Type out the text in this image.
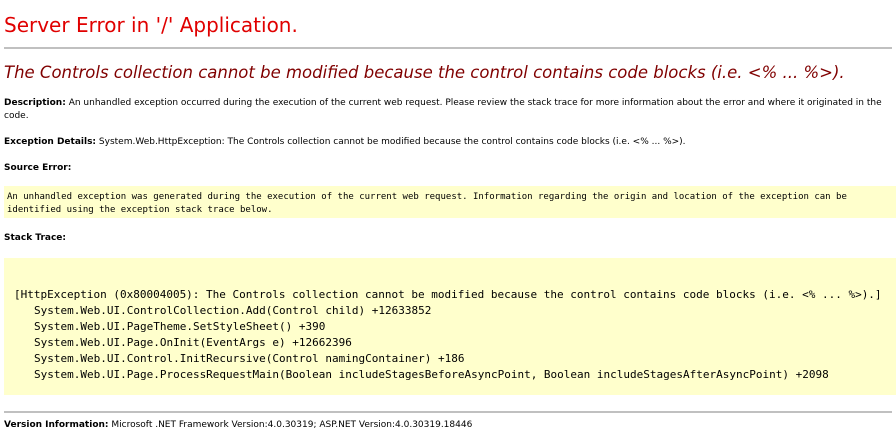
Server Error in '/' Application.
The Controls collection cannot be modified because the control contains code blocks (i.e. <% ... %>).

Description: An unhandled exception occurred during the execution of the current web request. Please review the stack trace for more information about the error and where it originated in the code.

Exception Details: System.Web.HttpException: The Controls collection cannot be modified because the control contains code blocks (i.e. <% ... %>).

Source Error:

An unhandled exception was generated during the execution of the current web request. Information regarding the origin and location of the exception can be identified using the exception stack trace below.

Stack Trace:

[HttpException (0x80004005): The Controls collection cannot be modified because the control contains code blocks (i.e. <% ... %>).]
System.Web.UI.ControlCollection.Add(Control child) +12633852
System.Web.UI.PageTheme.SetStyleSheet() +390
System.Web.UI.Page.OnInit(EventArgs e) +12662396
System.Web.UI.Control.InitRecursive(Control namingContainer) +186
System.Web.UI.Page.ProcessRequestMain(Boolean includeStagesBeforeAsyncPoint, Boolean includeStagesAfterAsyncPoint) +2098

Version Information: Microsoft .NET Framework Version:4.0.30319; ASP.NET Version:4.0.30319.18446
